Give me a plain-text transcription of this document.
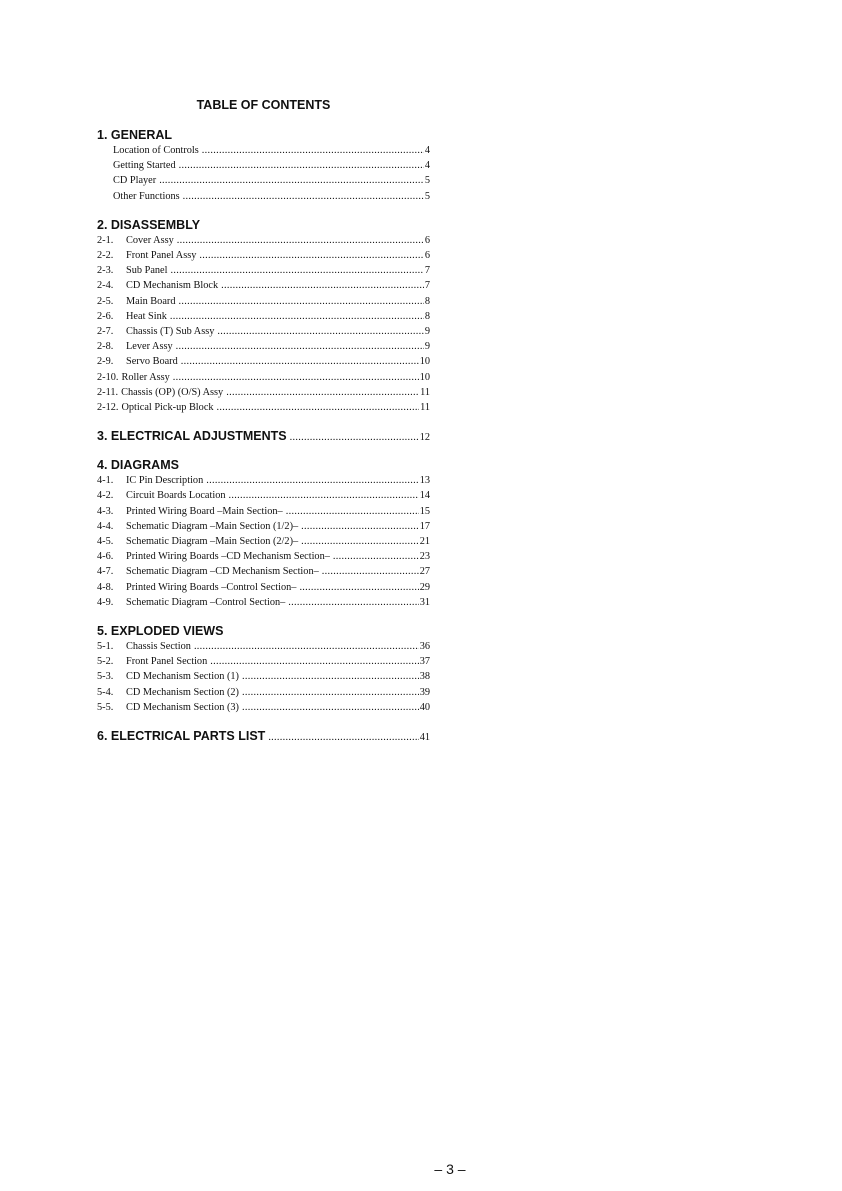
TABLE OF CONTENTS
1. GENERAL
Location of Controls .....	4
Getting Started .....	4
CD Player .....	5
Other Functions .....	5
2. DISASSEMBLY
2-1.	Cover Assy .....	6
2-2.	Front Panel Assy .....	6
2-3.	Sub Panel .....	7
2-4.	CD Mechanism Block .....	7
2-5.	Main Board .....	8
2-6.	Heat Sink .....	8
2-7.	Chassis (T) Sub Assy .....	9
2-8.	Lever Assy .....	9
2-9.	Servo Board .....	10
2-10. Roller Assy .....	10
2-11. Chassis (OP) (O/S) Assy .....	11
2-12. Optical Pick-up Block .....	11
3. ELECTRICAL ADJUSTMENTS .....	12
4. DIAGRAMS
4-1.	IC Pin Description .....	13
4-2.	Circuit Boards Location .....	14
4-3.	Printed Wiring Board –Main Section– .....	15
4-4.	Schematic Diagram –Main Section (1/2)– .....	17
4-5.	Schematic Diagram –Main Section (2/2)– .....	21
4-6.	Printed Wiring Boards –CD Mechanism Section– .....	23
4-7.	Schematic Diagram –CD Mechanism Section– .....	27
4-8.	Printed Wiring Boards –Control Section– .....	29
4-9.	Schematic Diagram –Control Section– .....	31
5. EXPLODED VIEWS
5-1.	Chassis Section .....	36
5-2.	Front Panel Section .....	37
5-3.	CD Mechanism Section (1) .....	38
5-4.	CD Mechanism Section (2) .....	39
5-5.	CD Mechanism Section (3) .....	40
6. ELECTRICAL PARTS LIST .....	41
– 3 –
